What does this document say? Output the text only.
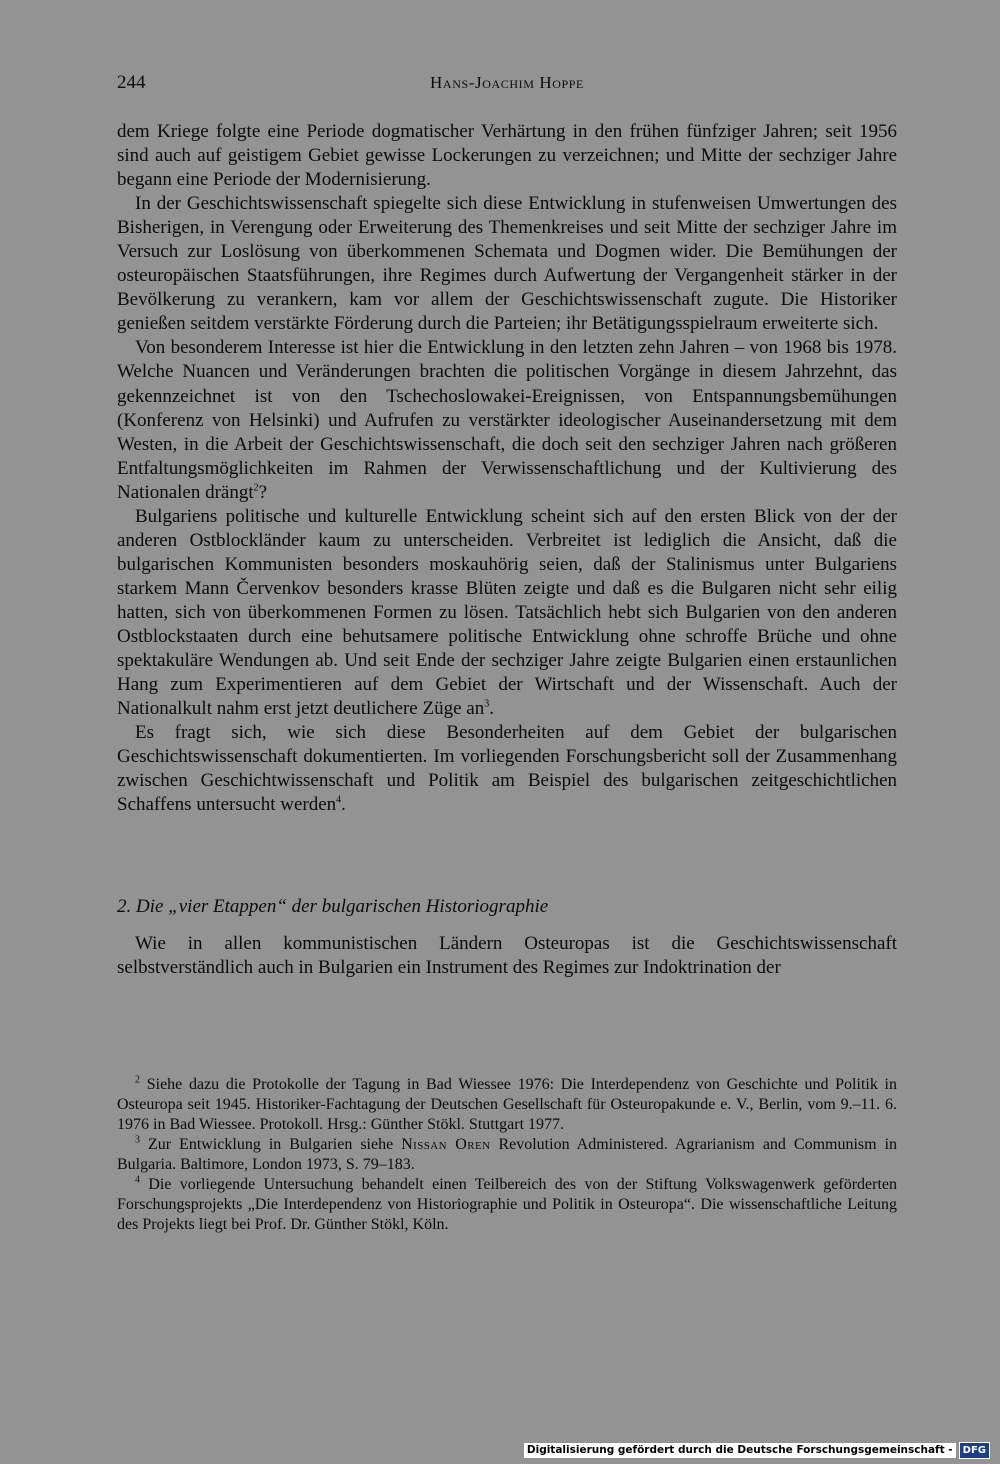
244	Hans-Joachim Hoppe

dem Kriege folgte eine Periode dogmatischer Verhärtung in den frühen fünfziger Jahren; seit 1956 sind auch auf geistigem Gebiet gewisse Lockerungen zu verzeichnen; und Mitte der sechziger Jahre begann eine Periode der Modernisierung.

In der Geschichtswissenschaft spiegelte sich diese Entwicklung in stufenweisen Umwertungen des Bisherigen, in Verengung oder Erweiterung des Themenkreises und seit Mitte der sechziger Jahre im Versuch zur Loslösung von überkommenen Schemata und Dogmen wider. Die Bemühungen der osteuropäischen Staatsführungen, ihre Regimes durch Aufwertung der Vergangenheit stärker in der Bevölkerung zu verankern, kam vor allem der Geschichtswissenschaft zugute. Die Historiker genießen seitdem verstärkte Förderung durch die Parteien; ihr Betätigungsspielraum erweiterte sich.

Von besonderem Interesse ist hier die Entwicklung in den letzten zehn Jahren – von 1968 bis 1978. Welche Nuancen und Veränderungen brachten die politischen Vorgänge in diesem Jahrzehnt, das gekennzeichnet ist von den Tschechoslowakei-Ereignissen, von Entspannungsbemühungen (Konferenz von Helsinki) und Aufrufen zu verstärkter ideologischer Auseinandersetzung mit dem Westen, in die Arbeit der Geschichtswissenschaft, die doch seit den sechziger Jahren nach größeren Entfaltungsmöglichkeiten im Rahmen der Verwissenschaftlichung und der Kultivierung des Nationalen drängt$^2$?

Bulgariens politische und kulturelle Entwicklung scheint sich auf den ersten Blick von der der anderen Ostblockländer kaum zu unterscheiden. Verbreitet ist lediglich die Ansicht, daß die bulgarischen Kommunisten besonders moskauhörig seien, daß der Stalinismus unter Bulgariens starkem Mann Červenkov besonders krasse Blüten zeigte und daß es die Bulgaren nicht sehr eilig hatten, sich von überkommenen Formen zu lösen. Tatsächlich hebt sich Bulgarien von den anderen Ostblockstaaten durch eine behutsamere politische Entwicklung ohne schroffe Brüche und ohne spektakuläre Wendungen ab. Und seit Ende der sechziger Jahre zeigte Bulgarien einen erstaunlichen Hang zum Experimentieren auf dem Gebiet der Wirtschaft und der Wissenschaft. Auch der Nationalkult nahm erst jetzt deutlichere Züge $an^3$.

Es fragt sich, wie sich diese Besonderheiten auf dem Gebiet der bulgarischen Geschichtswissenschaft dokumentierten. Im vorliegenden Forschungsbericht soll der Zusammenhang zwischen Geschichtwissenschaft und Politik am Beispiel des bulgarischen zeitgeschichtlichen Schaffens untersucht werden$^4$.

2. Die „vier Etappen“ der bulgarischen Historiographie

Wie in allen kommunistischen Ländern Osteuropas ist die Geschichtswissenschaft selbstverständlich auch in Bulgarien ein Instrument des Regimes zur Indoktrination der

$^2$ Siehe dazu die Protokolle der Tagung in Bad Wiessee 1976: Die Interdependenz von Geschichte und Politik in Osteuropa seit 1945. Historiker-Fachtagung der Deutschen Gesellschaft für Osteuropakunde e. V., Berlin, vom 9.–11. 6. 1976 in Bad Wiessee. Protokoll. Hrsg.: Günther Stökl. Stuttgart 1977.

$^3$ Zur Entwicklung in Bulgarien siehe Nissan Oren Revolution Administered. Agrarianism and Communism in Bulgaria. Baltimore, London 1973, S. 79–183.

$^4$ Die vorliegende Untersuchung behandelt einen Teilbereich des von der Stiftung Volkswagenwerk geförderten Forschungsprojekts „Die Interdependenz von Historiographie und Politik in Osteuropa“. Die wissenschaftliche Leitung des Projekts liegt bei Prof. Dr. Günther Stökl, Köln.

Digitalisierung gefördert durch die Deutsche Forschungsgemeinschaft -	DFG
